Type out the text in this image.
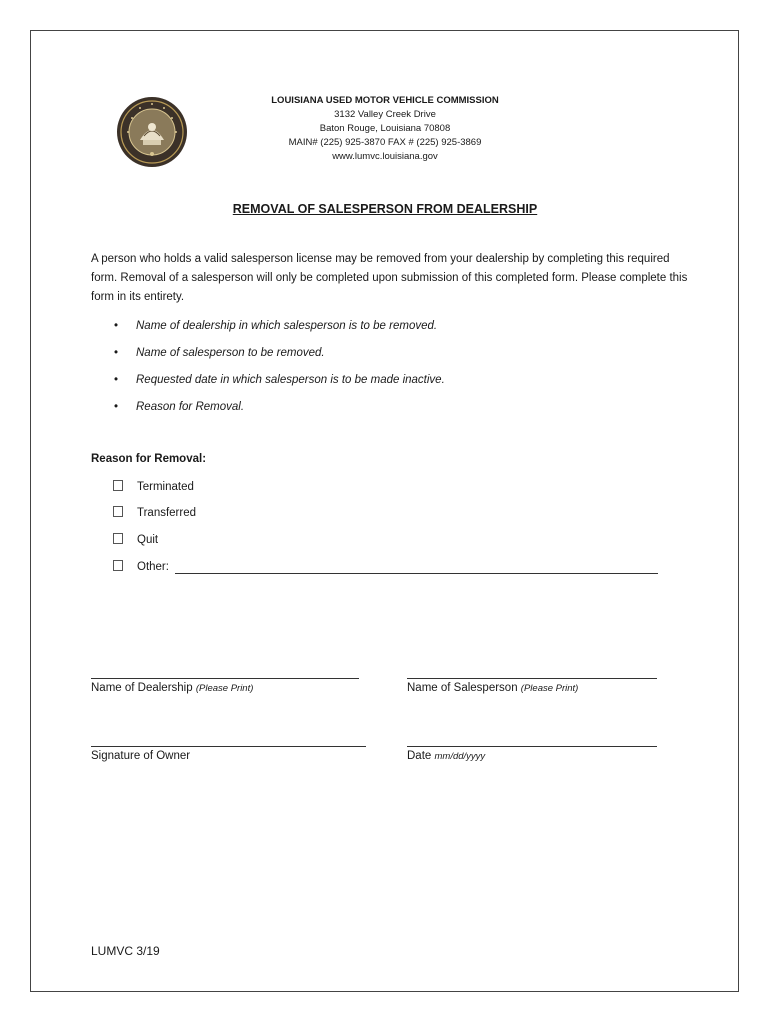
LOUISIANA USED MOTOR VEHICLE COMMISSION
3132 Valley Creek Drive
Baton Rouge, Louisiana 70808
MAIN# (225) 925-3870 FAX # (225) 925-3869
www.lumvc.louisiana.gov
REMOVAL OF SALESPERSON FROM DEALERSHIP
A person who holds a valid salesperson license may be removed from your dealership by completing this required form. Removal of a salesperson will only be completed upon submission of this completed form. Please complete this form in its entirety.
• Name of dealership in which salesperson is to be removed.
• Name of salesperson to be removed.
• Requested date in which salesperson is to be made inactive.
• Reason for Removal.
Reason for Removal:
Terminated
Transferred
Quit
Other:
Name of Dealership (Please Print)	Name of Salesperson (Please Print)
Signature of Owner	Date mm/dd/yyyy
LUMVC 3/19
